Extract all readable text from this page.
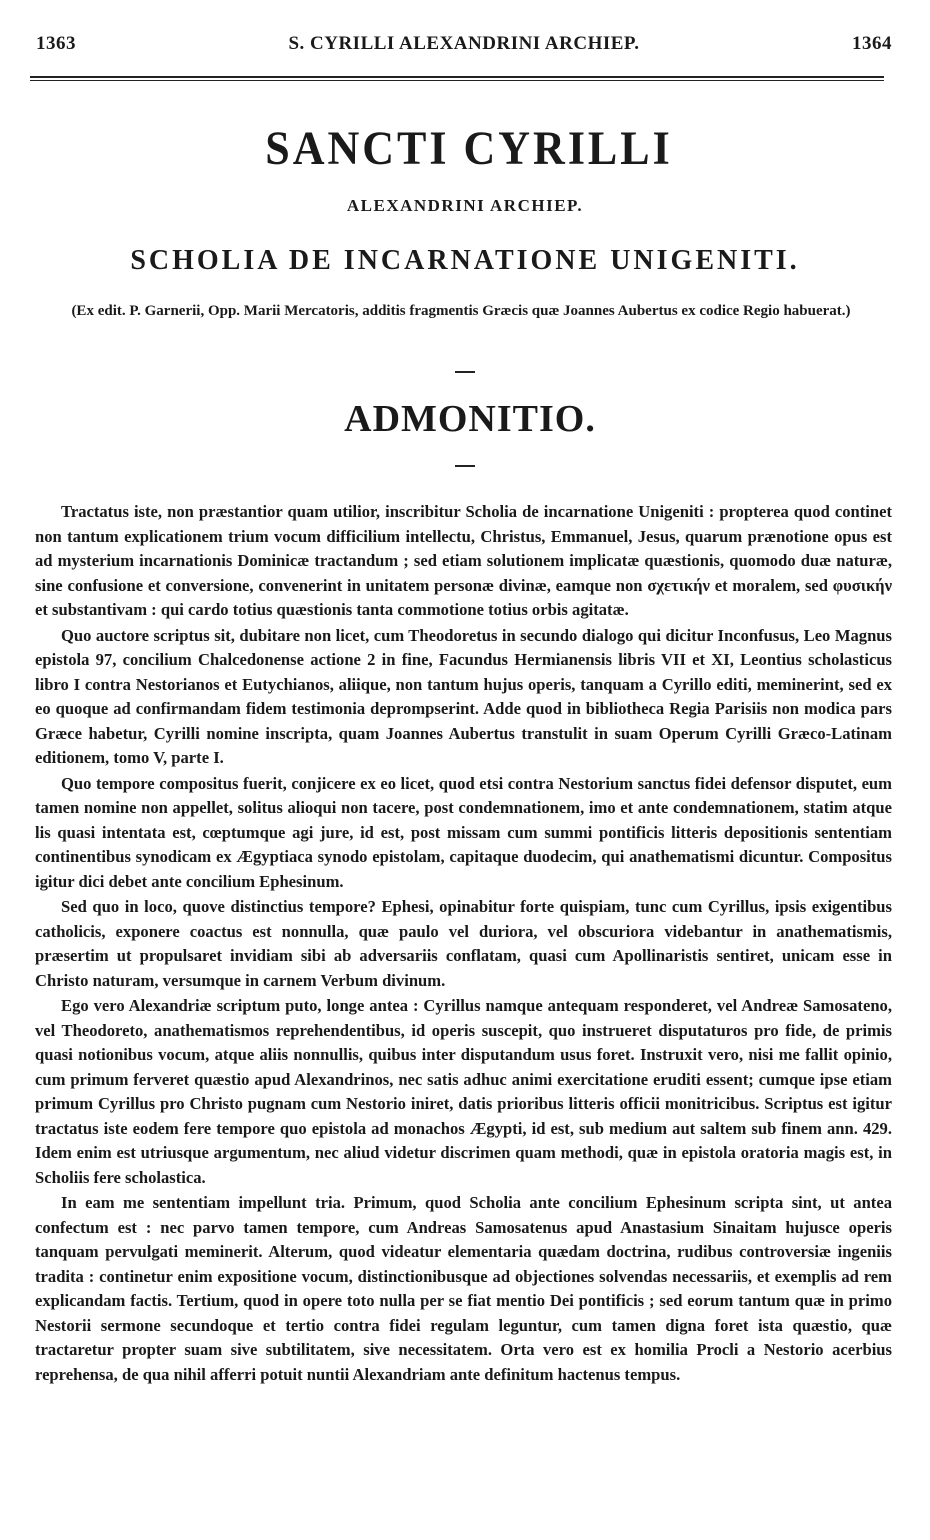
1363	S. CYRILLI ALEXANDRINI ARCHIEP.	1364
SANCTI CYRILLI
ALEXANDRINI ARCHIEP.
SCHOLIA DE INCARNATIONE UNIGENITI.
(Ex edit. P. Garnerii, Opp. Marii Mercatoris, additis fragmentis Græcis quæ Joannes Aubertus ex codice Regio habuerat.)
ADMONITIO.

Tractatus iste, non præstantior quam utilior, inscribitur Scholia de incarnatione Unigeniti : propterea quod continet non tantum explicationem trium vocum difficilium intellectu, Christus, Emmanuel, Jesus, quarum prænotione opus est ad mysterium incarnationis Dominicæ tractandum ; sed etiam solutionem implicatæ quæstionis, quomodo duæ naturæ, sine confusione et conversione, convenerint in unitatem personæ divinæ, eamque non σχετικήν et moralem, sed φυσικήν et substantivam : qui cardo totius quæstionis tanta commotione totius orbis agitatæ.

Quo auctore scriptus sit, dubitare non licet, cum Theodoretus in secundo dialogo qui dicitur Inconfusus, Leo Magnus epistola 97, concilium Chalcedonense actione 2 in fine, Facundus Hermianensis libris VII et XI, Leontius scholasticus libro I contra Nestorianos et Eutychianos, aliique, non tantum hujus operis, tanquam a Cyrillo editi, meminerint, sed ex eo quoque ad confirmandam fidem testimonia deprompserint. Adde quod in bibliotheca Regia Parisiis non modica pars Græce habetur, Cyrilli nomine inscripta, quam Joannes Aubertus transtulit in suam Operum Cyrilli Græco-Latinam editionem, tomo V, parte I.

Quo tempore compositus fuerit, conjicere ex eo licet, quod etsi contra Nestorium sanctus fidei defensor disputet, eum tamen nomine non appellet, solitus alioqui non tacere, post condemnationem, imo et ante condemnationem, statim atque lis quasi intentata est, cœptumque agi jure, id est, post missam cum summi pontificis litteris depositionis sententiam continentibus synodicam ex Ægyptiaca synodo epistolam, capitaque duodecim, qui anathematismi dicuntur. Compositus igitur dici debet ante concilium Ephesinum.

Sed quo in loco, quove distinctius tempore? Ephesi, opinabitur forte quispiam, tunc cum Cyrillus, ipsis exigentibus catholicis, exponere coactus est nonnulla, quæ paulo vel duriora, vel obscuriora videbantur in anathematismis, præsertim ut propulsaret invidiam sibi ab adversariis conflatam, quasi cum Apollinaristis sentiret, unicam esse in Christo naturam, versumque in carnem Verbum divinum.

Ego vero Alexandriæ scriptum puto, longe antea : Cyrillus namque antequam responderet, vel Andreæ Samosateno, vel Theodoreto, anathematismos reprehendentibus, id operis suscepit, quo instrueret disputaturos pro fide, de primis quasi notionibus vocum, atque aliis nonnullis, quibus inter disputandum usus foret. Instruxit vero, nisi me fallit opinio, cum primum ferveret quæstio apud Alexandrinos, nec satis adhuc animi exercitatione eruditi essent; cumque ipse etiam primum Cyrillus pro Christo pugnam cum Nestorio iniret, datis prioribus litteris officii monitricibus. Scriptus est igitur tractatus iste eodem fere tempore quo epistola ad monachos Ægypti, id est, sub medium aut saltem sub finem ann. 429. Idem enim est utriusque argumentum, nec aliud videtur discrimen quam methodi, quæ in epistola oratoria magis est, in Scholiis fere scholastica.

In eam me sententiam impellunt tria. Primum, quod Scholia ante concilium Ephesinum scripta sint, ut antea confectum est : nec parvo tamen tempore, cum Andreas Samosatenus apud Anastasium Sinaitam hujusce operis tanquam pervulgati meminerit. Alterum, quod videatur elementaria quædam doctrina, rudibus controversiæ ingeniis tradita : continetur enim expositione vocum, distinctionibusque ad objectiones solvendas necessariis, et exemplis ad rem explicandam factis. Tertium, quod in opere toto nulla per se fiat mentio Dei pontificis ; sed eorum tantum quæ in primo Nestorii sermone secundoque et tertio contra fidei regulam leguntur, cum tamen digna foret ista quæstio, quæ tractaretur propter suam sive subtilitatem, sive necessitatem. Orta vero est ex homilia Procli a Nestorio acerbius reprehensa, de qua nihil afferri potuit nuntii Alexandriam ante definitum hactenus tempus.
